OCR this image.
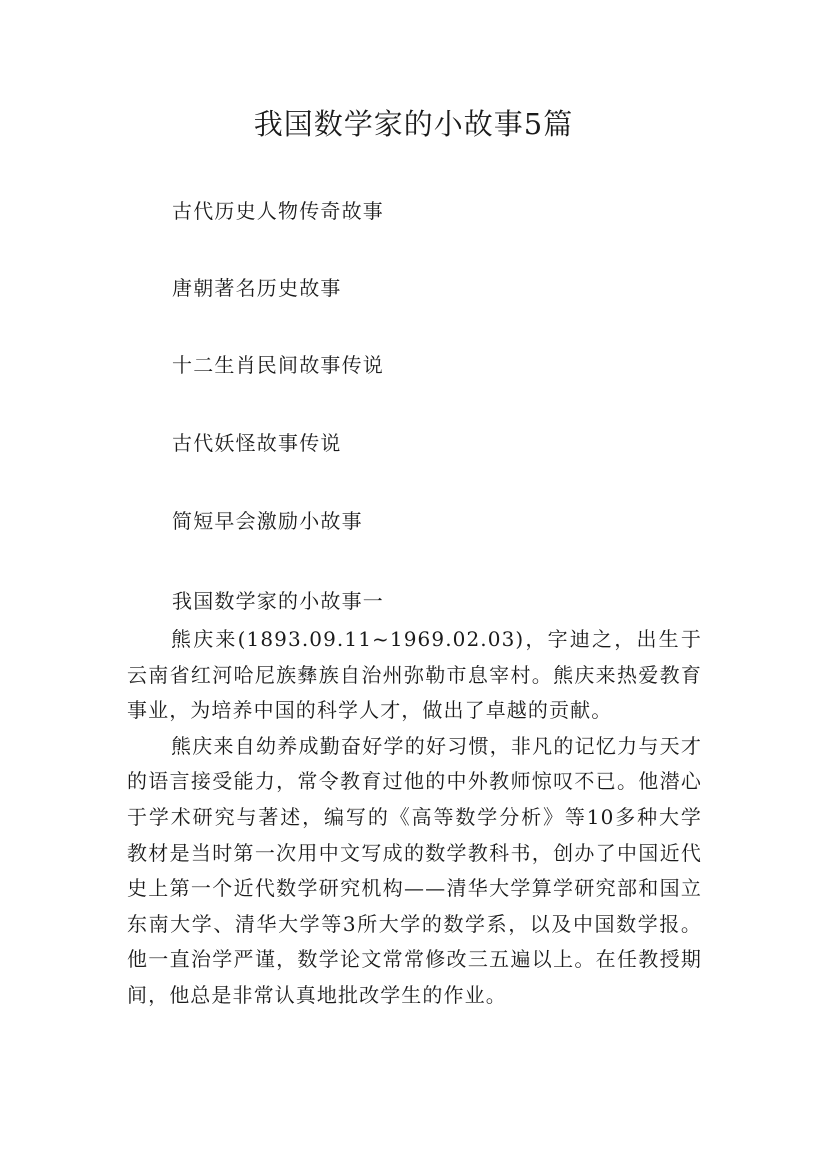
我国数学家的小故事5篇

古代历史人物传奇故事

唐朝著名历史故事

十二生肖民间故事传说

古代妖怪故事传说

简短早会激励小故事

我国数学家的小故事一

熊庆来(1893.09.11~1969.02.03)，字迪之，出生于云南省红河哈尼族彝族自治州弥勒市息宰村。熊庆来热爱教育事业，为培养中国的科学人才，做出了卓越的贡献。

熊庆来自幼养成勤奋好学的好习惯，非凡的记忆力与天才的语言接受能力，常令教育过他的中外教师惊叹不已。他潜心于学术研究与著述，编写的《高等数学分析》等10多种大学教材是当时第一次用中文写成的数学教科书，创办了中国近代史上第一个近代数学研究机构——清华大学算学研究部和国立东南大学、清华大学等3所大学的数学系，以及中国数学报。他一直治学严谨，数学论文常常修改三五遍以上。在任教授期间，他总是非常认真地批改学生的作业。
